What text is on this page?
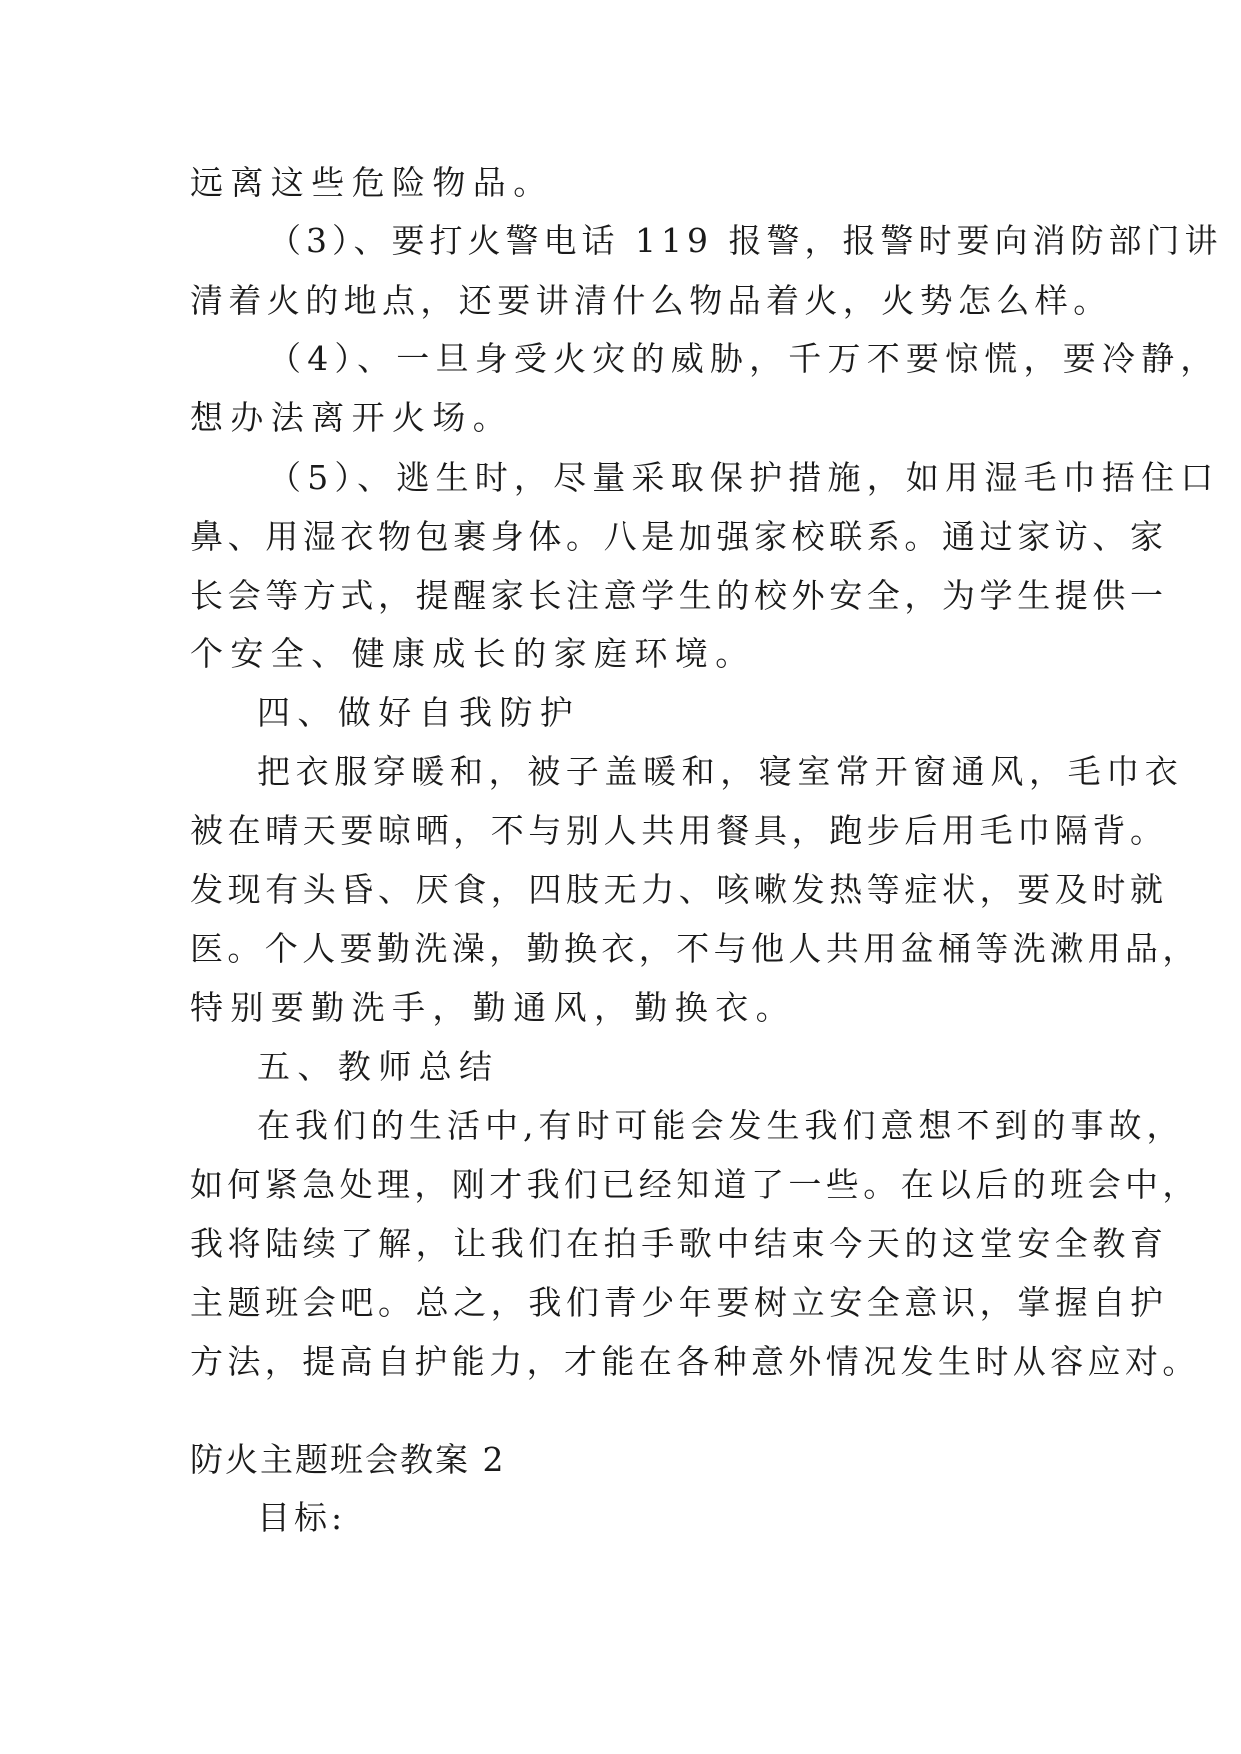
远离这些危险物品。
（3）、要打火警电话 119 报警，报警时要向消防部门讲
清着火的地点，还要讲清什么物品着火，火势怎么样。
（4）、一旦身受火灾的威胁，千万不要惊慌，要冷静，
想办法离开火场。
（5）、逃生时，尽量采取保护措施，如用湿毛巾捂住口
鼻、用湿衣物包裹身体。八是加强家校联系。通过家访、家
长会等方式，提醒家长注意学生的校外安全，为学生提供一
个安全、健康成长的家庭环境。
四、做好自我防护
把衣服穿暖和，被子盖暖和，寝室常开窗通风，毛巾衣
被在晴天要晾晒，不与别人共用餐具，跑步后用毛巾隔背。
发现有头昏、厌食，四肢无力、咳嗽发热等症状，要及时就
医。个人要勤洗澡，勤换衣，不与他人共用盆桶等洗漱用品，
特别要勤洗手，勤通风，勤换衣。
五、教师总结
在我们的生活中,有时可能会发生我们意想不到的事故，
如何紧急处理，刚才我们已经知道了一些。在以后的班会中，
我将陆续了解，让我们在拍手歌中结束今天的这堂安全教育
主题班会吧。总之，我们青少年要树立安全意识，掌握自护
方法，提高自护能力，才能在各种意外情况发生时从容应对。
防火主题班会教案 2
目标:
